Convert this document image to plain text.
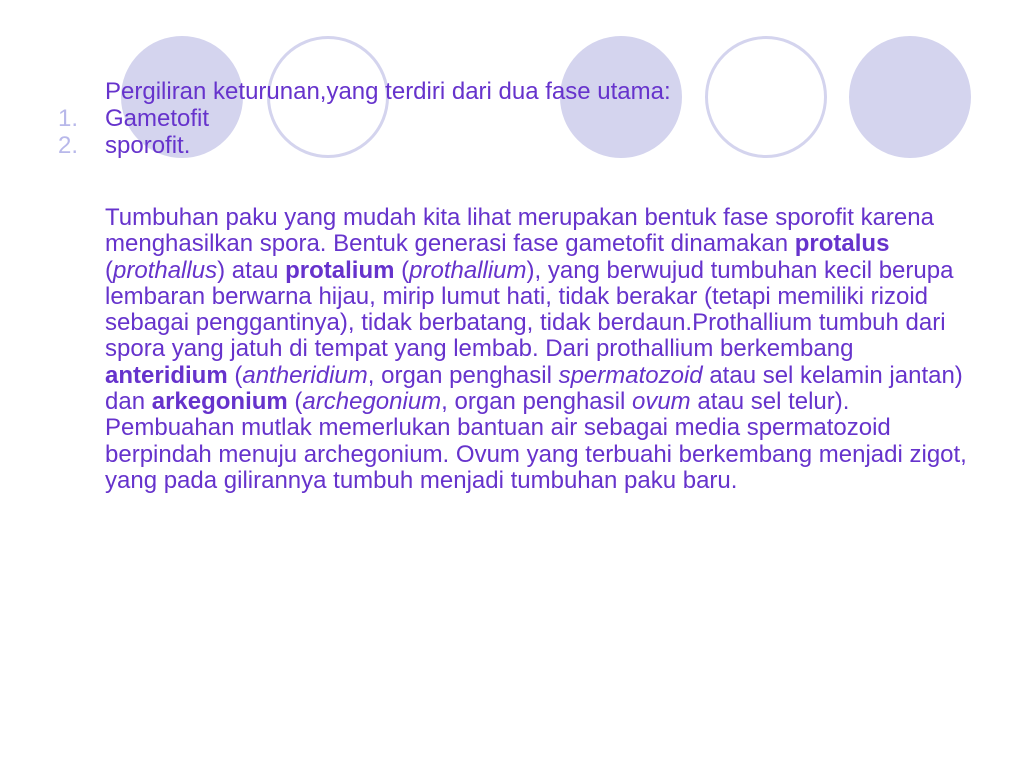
Pergiliran keturunan,yang terdiri dari dua fase utama:
1. Gametofit
2. sporofit.
Tumbuhan paku yang mudah kita lihat merupakan bentuk fase sporofit karena menghasilkan spora. Bentuk generasi fase gametofit dinamakan protalus (prothallus) atau protalium (prothallium), yang berwujud tumbuhan kecil berupa lembaran berwarna hijau, mirip lumut hati, tidak berakar (tetapi memiliki rizoid sebagai penggantinya), tidak berbatang, tidak berdaun.Prothallium tumbuh dari spora yang jatuh di tempat yang lembab. Dari prothallium berkembang anteridium (antheridium, organ penghasil spermatozoid atau sel kelamin jantan) dan arkegonium (archegonium, organ penghasil ovum atau sel telur). Pembuahan mutlak memerlukan bantuan air sebagai media spermatozoid berpindah menuju archegonium. Ovum yang terbuahi berkembang menjadi zigot, yang pada gilirannya tumbuh menjadi tumbuhan paku baru.
